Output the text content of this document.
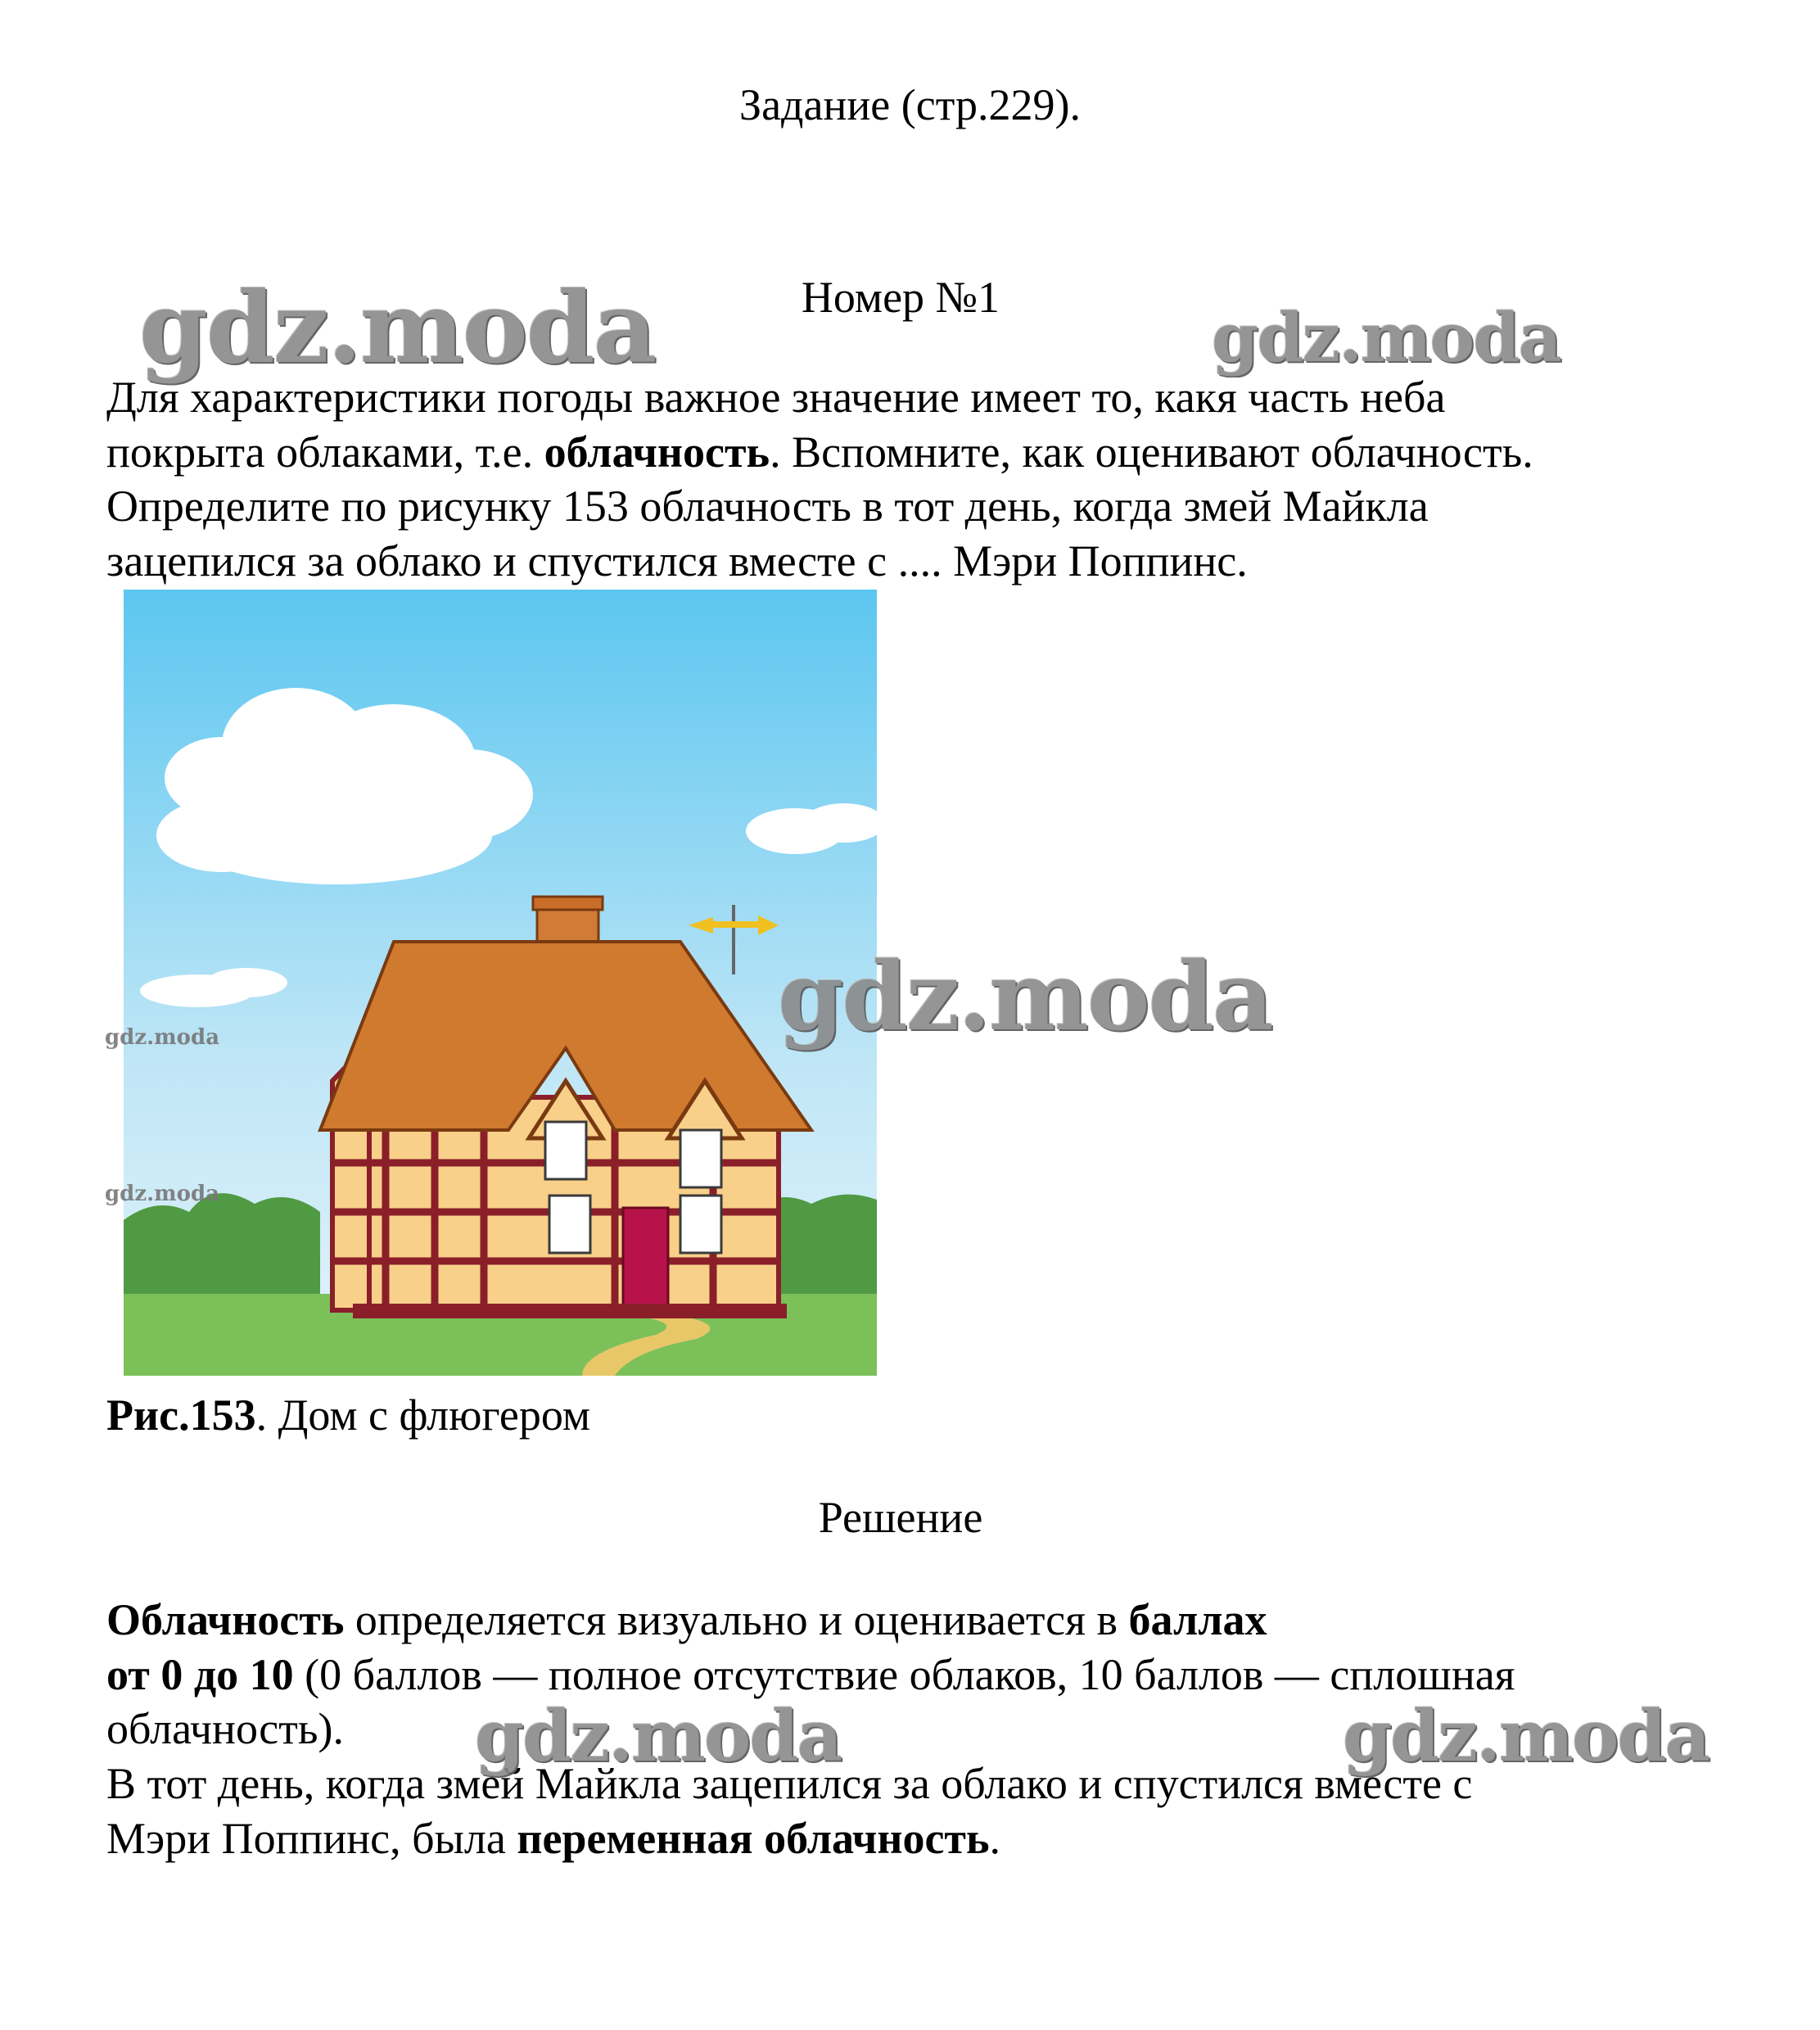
Задание (стр.229).
Номер №1
Для характеристики погоды важное значение имеет то, какя часть неба
покрыта облаками, т.е. облачность. Вспомните, как оценивают облачность.
Определите по рисунку 153 облачность в тот день, когда змей Майкла
зацепился за облако и спустился вместе с .... Мэри Поппинс.
Рис.153. Дом с флюгером
Решение
Облачность определяется визуально и оценивается в баллах
от 0 до 10 (0 баллов — полное отсутствие облаков, 10 баллов — сплошная
облачность).
В тот день, когда змей Майкла зацепился за облако и спустился вместе с
Мэри Поппинс, была переменная облачность.
gdz.moda	gdz.moda
gdz.moda
gdz.moda
gdz.moda
gdz.moda	gdz.moda
